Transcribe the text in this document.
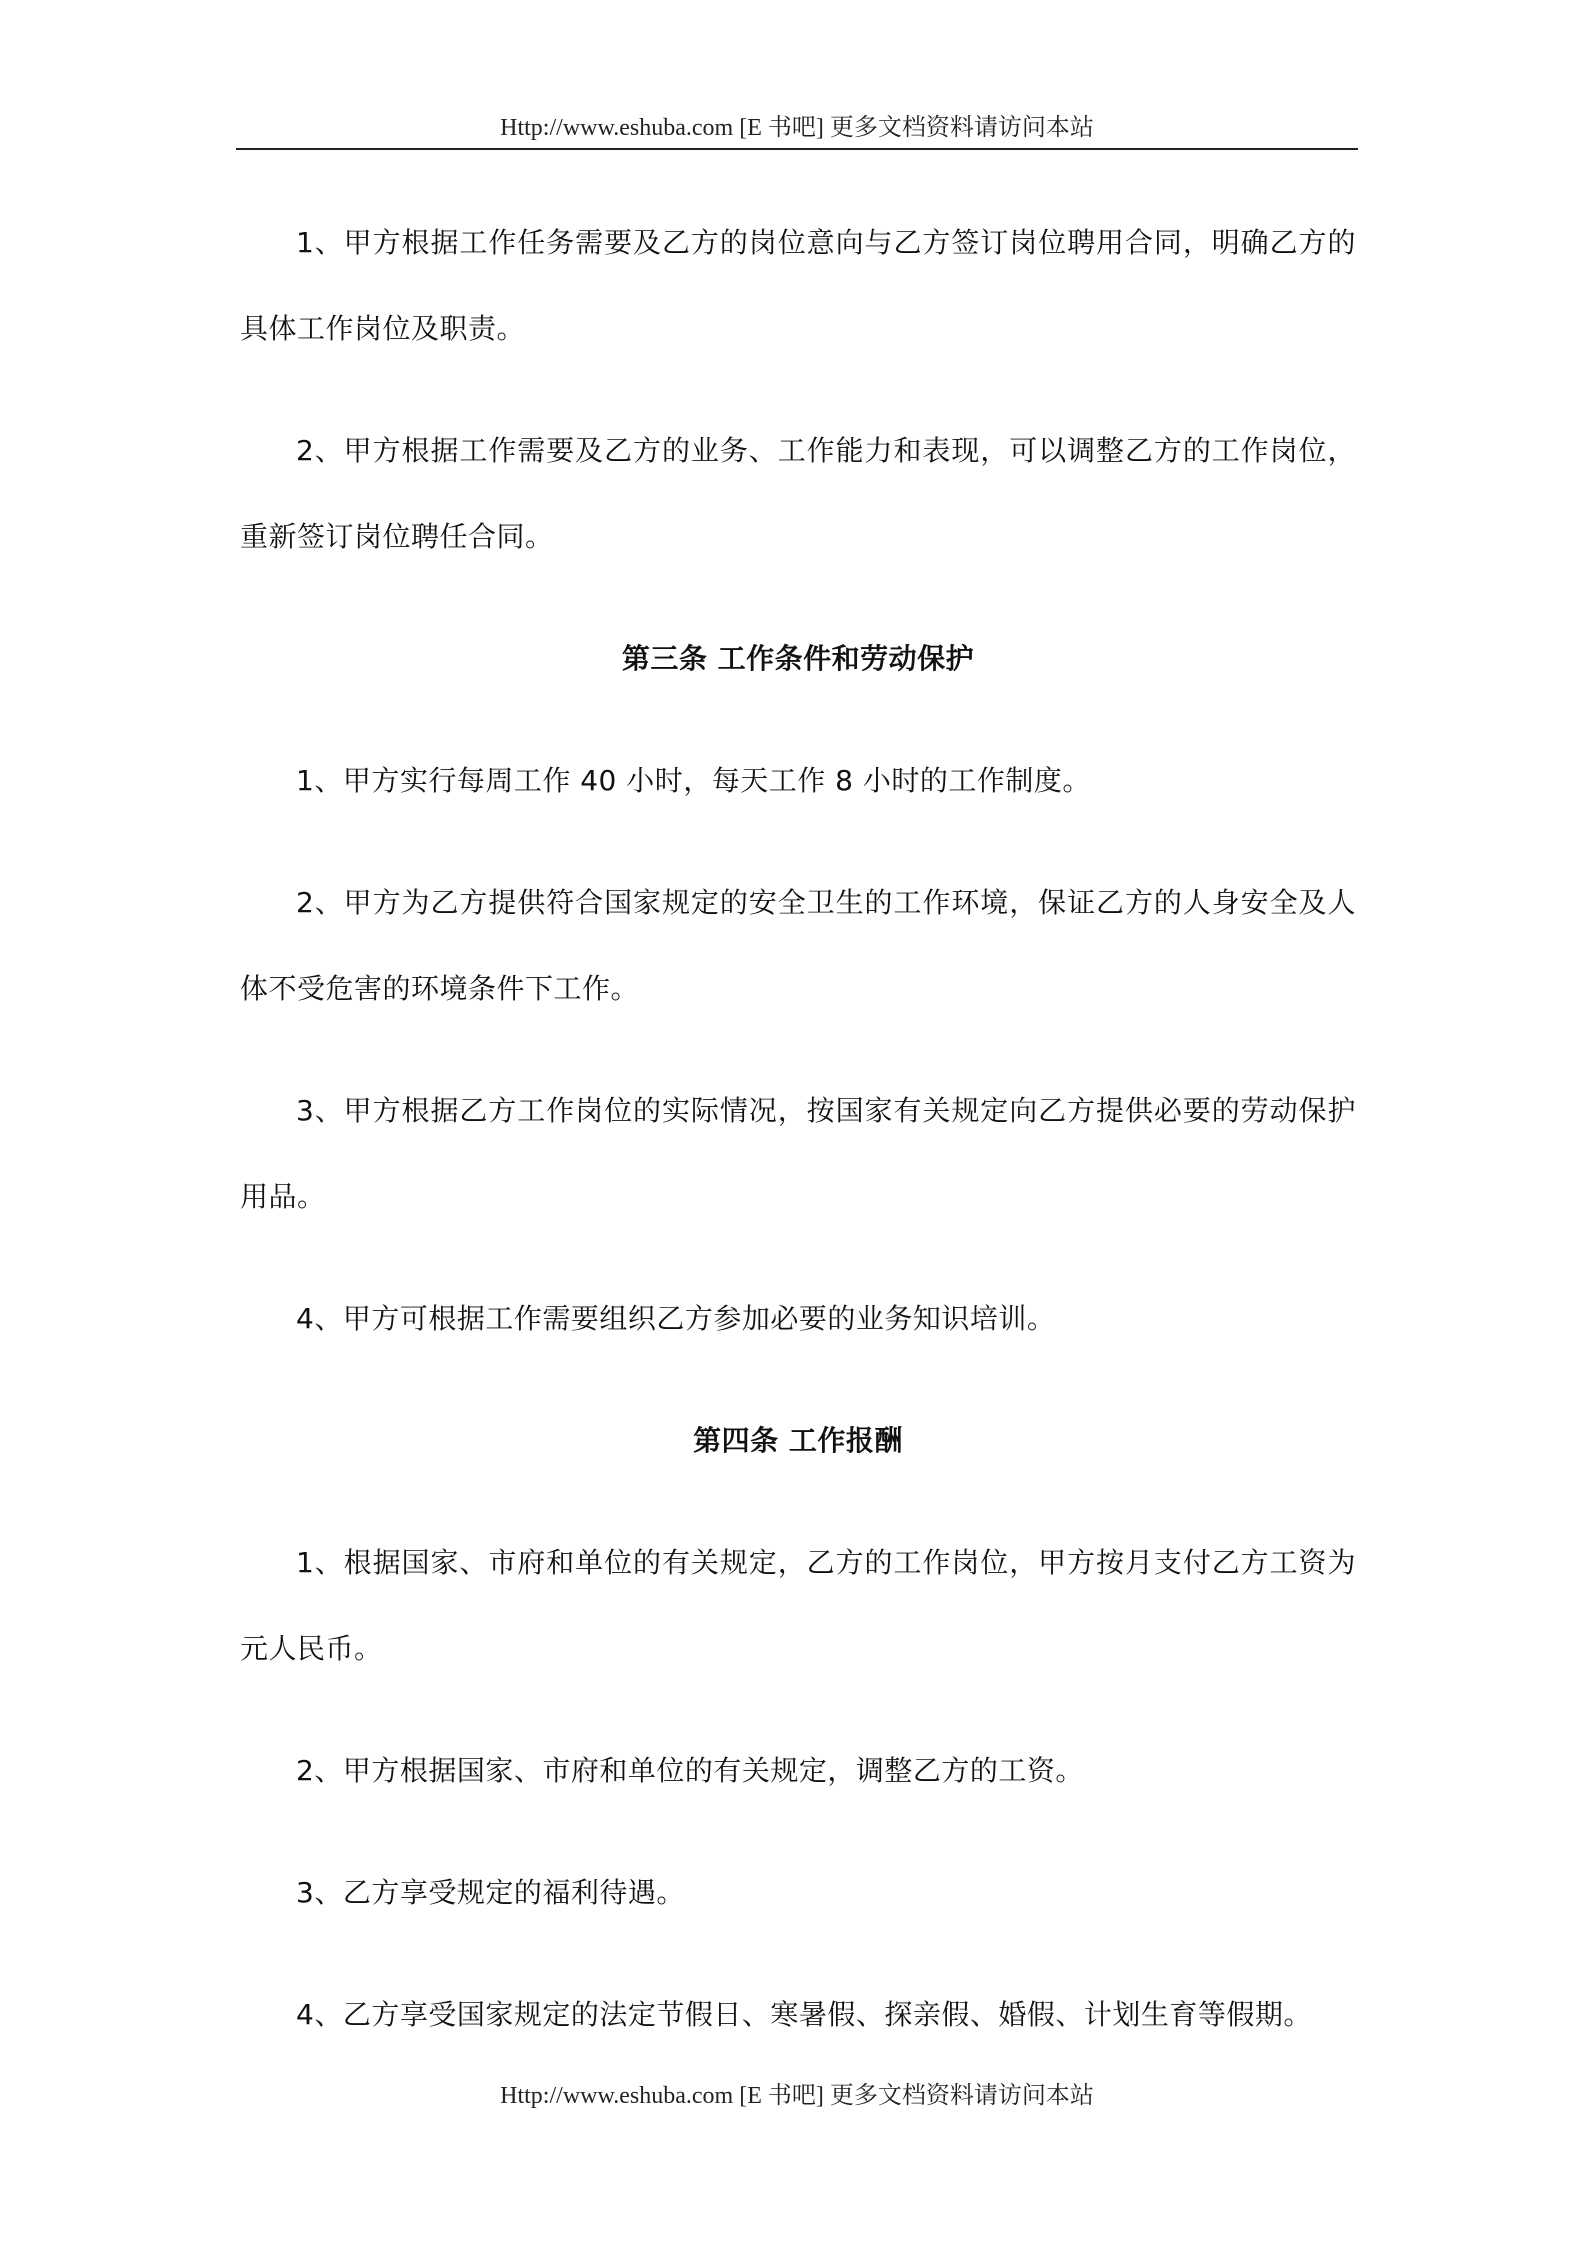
Http://www.eshuba.com [E 书吧] 更多文档资料请访问本站

1、甲方根据工作任务需要及乙方的岗位意向与乙方签订岗位聘用合同，明确乙方的具体工作岗位及职责。

2、甲方根据工作需要及乙方的业务、工作能力和表现，可以调整乙方的工作岗位，重新签订岗位聘任合同。

第三条 工作条件和劳动保护

1、甲方实行每周工作 40 小时，每天工作 8 小时的工作制度。

2、甲方为乙方提供符合国家规定的安全卫生的工作环境，保证乙方的人身安全及人体不受危害的环境条件下工作。

3、甲方根据乙方工作岗位的实际情况，按国家有关规定向乙方提供必要的劳动保护用品。

4、甲方可根据工作需要组织乙方参加必要的业务知识培训。

第四条 工作报酬

1、根据国家、市府和单位的有关规定，乙方的工作岗位，甲方按月支付乙方工资为      元人民币。

2、甲方根据国家、市府和单位的有关规定，调整乙方的工资。

3、乙方享受规定的福利待遇。

4、乙方享受国家规定的法定节假日、寒暑假、探亲假、婚假、计划生育等假期。

Http://www.eshuba.com [E 书吧] 更多文档资料请访问本站
